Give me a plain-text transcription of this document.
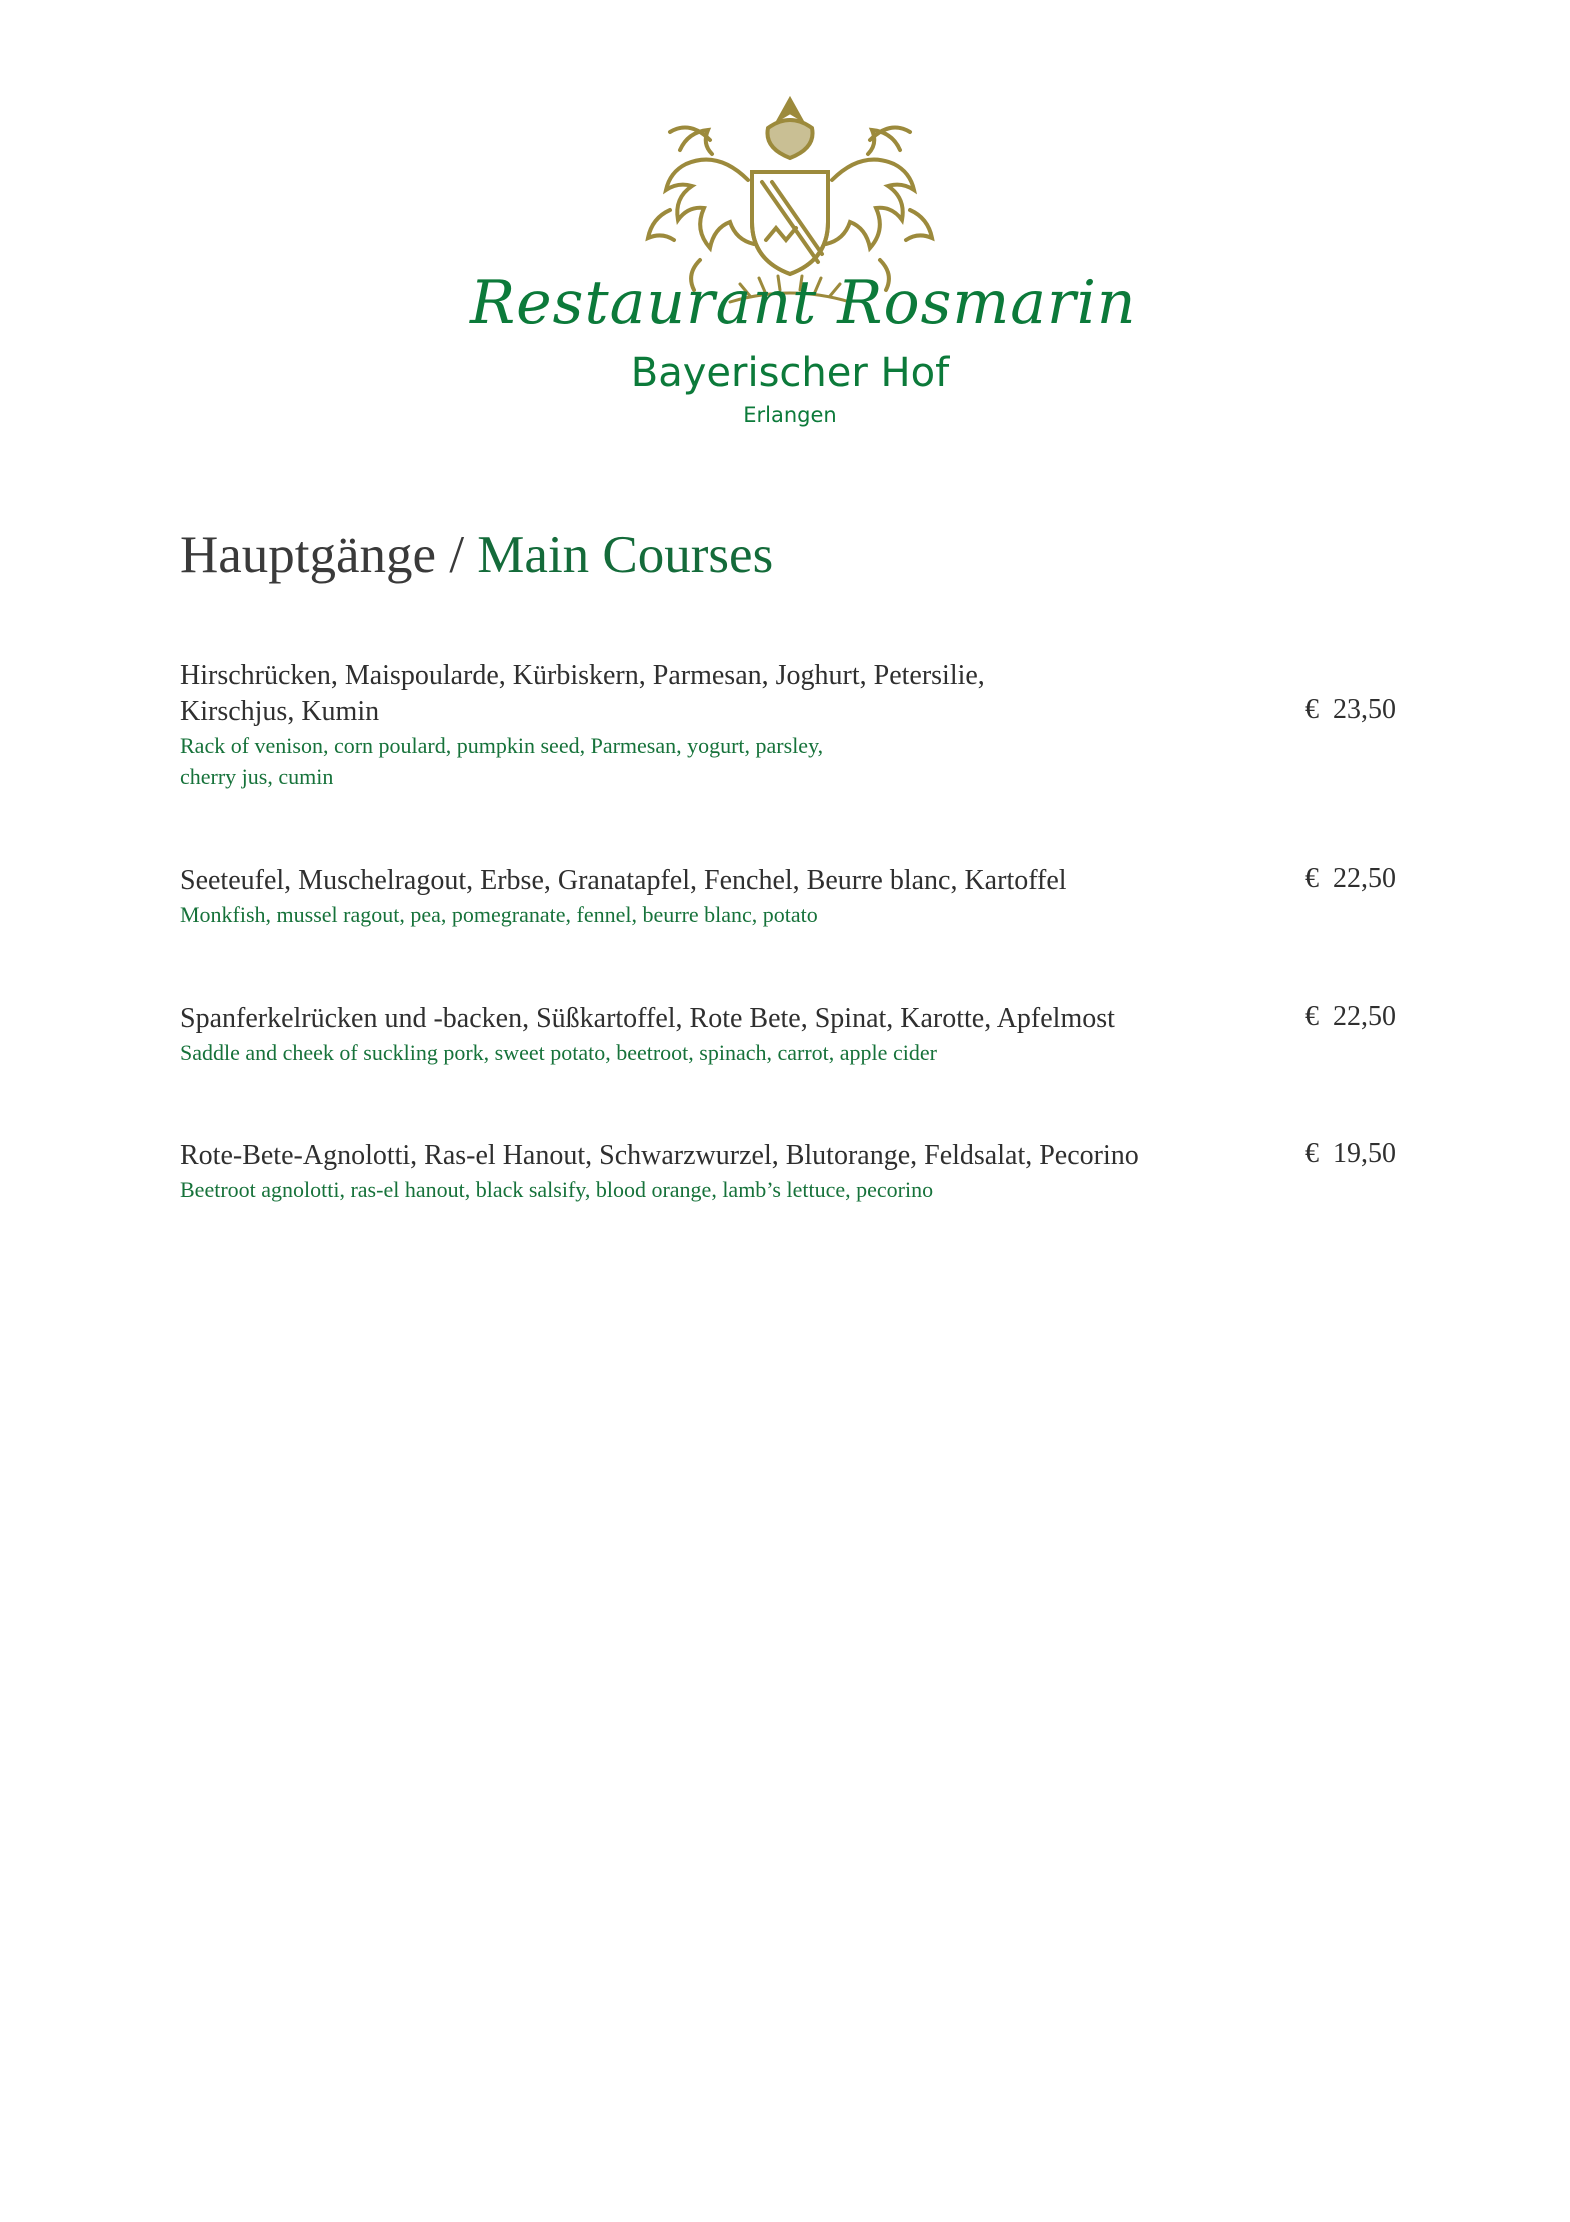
Restaurant Rosmarin
Bayerischer Hof
Erlangen
Hauptgänge / Main Courses
Hirschrücken, Maispoularde, Kürbiskern, Parmesan, Joghurt, Petersilie,
Kirschjus, Kumin
Rack of venison, corn poulard, pumpkin seed, Parmesan, yogurt, parsley,
cherry jus, cumin
€ 23,50
Seeteufel, Muschelragout, Erbse, Granatapfel, Fenchel, Beurre blanc, Kartoffel
Monkfish, mussel ragout, pea, pomegranate, fennel, beurre blanc, potato
€ 22,50
Spanferkelrücken und -backen, Süßkartoffel, Rote Bete, Spinat, Karotte, Apfelmost
Saddle and cheek of suckling pork, sweet potato, beetroot, spinach, carrot, apple cider
€ 22,50
Rote-Bete-Agnolotti, Ras-el Hanout, Schwarzwurzel, Blutorange, Feldsalat, Pecorino
Beetroot agnolotti, ras-el hanout, black salsify, blood orange, lamb’s lettuce, pecorino
€ 19,50
